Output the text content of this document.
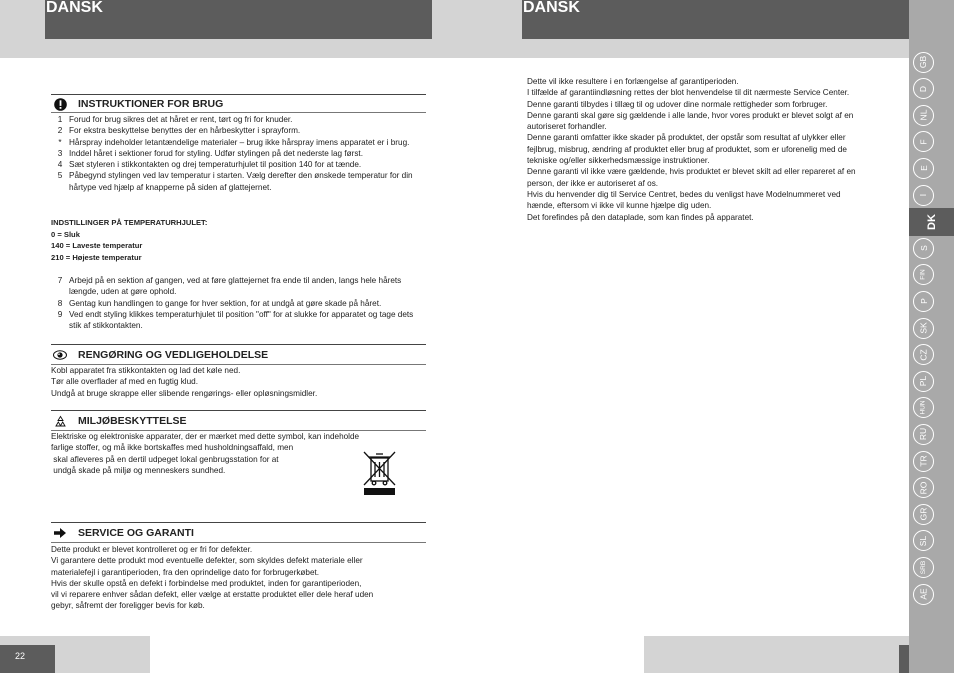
DANSK	DANSK
22
GB
D
NL
F
E
I
DK
S
FIN
P
SK
CZ
PL
HUN
RU
TR
RO
GR
SL
SRB
AE
INSTRUKTIONER FOR BRUG
1 Forud for brug sikres det at håret er rent, tørt og fri for knuder.
2 For ekstra beskyttelse benyttes der en hårbeskytter i sprayform.
* Hårspray indeholder letantændelige materialer – brug ikke hårspray imens apparatet er i brug.
3 Inddel håret i sektioner forud for styling. Udfør stylingen på det nederste lag først.
4 Sæt styleren i stikkontakten og drej temperaturhjulet til position 140 for at tænde.
5 Påbegynd stylingen ved lav temperatur i starten. Vælg derefter den ønskede temperatur for din hårtype ved hjælp af knapperne på siden af glattejernet.
INDSTILLINGER PÅ TEMPERATURHJULET:
0 = Sluk
140 = Laveste temperatur
210 = Højeste temperatur
7 Arbejd på en sektion af gangen, ved at føre glattejernet fra ende til anden, langs hele hårets længde, uden at gøre ophold.
8 Gentag kun handlingen to gange for hver sektion, for at undgå at gøre skade på håret.
9 Ved endt styling klikkes temperaturhjulet til position "off" for at slukke for apparatet og tage dets stik af stikkontakten.
RENGØRING OG VEDLIGEHOLDELSE
Kobl apparatet fra stikkontakten og lad det køle ned.
Tør alle overflader af med en fugtig klud.
Undgå at bruge skrappe eller slibende rengørings- eller opløsningsmidler.
MILJØBESKYTTELSE
Elektriske og elektroniske apparater, der er mærket med dette symbol, kan indeholde
farlige stoffer, og må ikke bortskaffes med husholdningsaffald, men
skal afleveres på en dertil udpeget lokal genbrugsstation for at
undgå skade på miljø og menneskers sundhed.
SERVICE OG GARANTI
Dette produkt er blevet kontrolleret og er fri for defekter.
Vi garantere dette produkt mod eventuelle defekter, som skyldes defekt materiale eller
materialefejl i garantiperioden, fra den oprindelige dato for forbrugerkøbet.
Hvis der skulle opstå en defekt i forbindelse med produktet, inden for garantiperioden,
vil vi reparere enhver sådan defekt, eller vælge at erstatte produktet eller dele heraf uden
gebyr, såfremt der foreligger bevis for køb.
Dette vil ikke resultere i en forlængelse af garantiperioden.
I tilfælde af garantiindløsning rettes der blot henvendelse til dit nærmeste Service Center.
Denne garanti tilbydes i tillæg til og udover dine normale rettigheder som forbruger.
Denne garanti skal gøre sig gældende i alle lande, hvor vores produkt er blevet solgt af en
autoriseret forhandler.
Denne garanti omfatter ikke skader på produktet, der opstår som resultat af ulykker eller
fejlbrug, misbrug, ændring af produktet eller brug af produktet, som er uforenelig med de
tekniske og/eller sikkerhedsmæssige instruktioner.
Denne garanti vil ikke være gældende, hvis produktet er blevet skilt ad eller repareret af en
person, der ikke er autoriseret af os.
Hvis du henvender dig til Service Centret, bedes du venligst have Modelnummeret ved
hænde, eftersom vi ikke vil kunne hjælpe dig uden.
Det forefindes på den dataplade, som kan findes på apparatet.
